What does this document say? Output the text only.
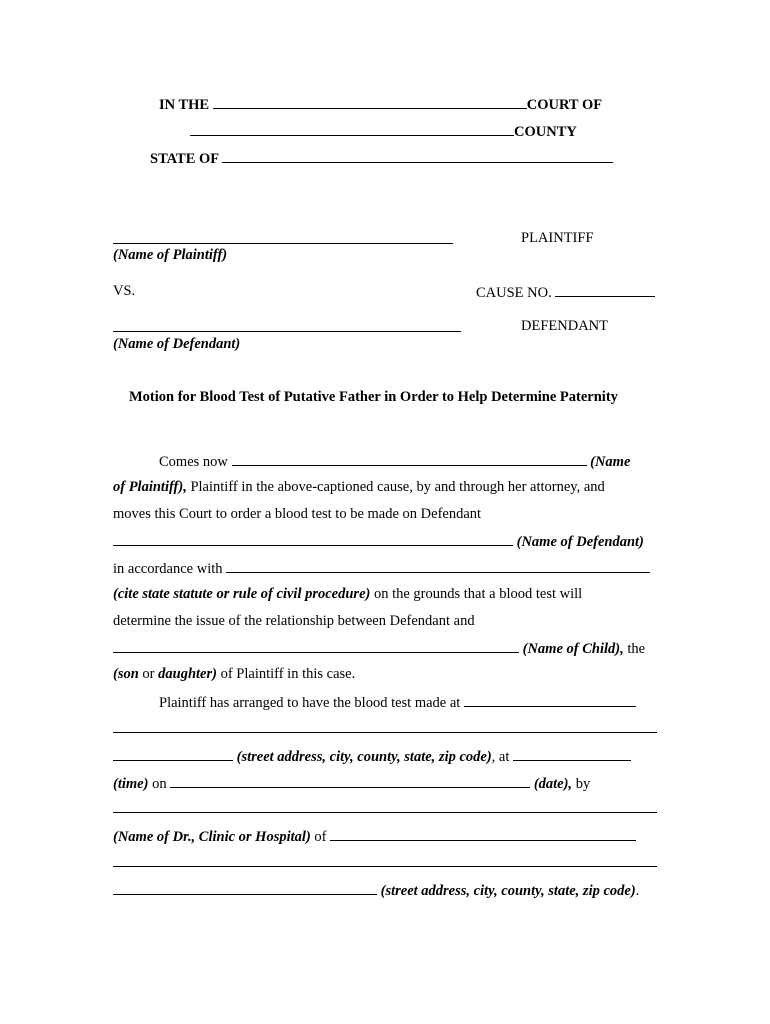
IN THE	COURT OF
COUNTY
STATE OF
PLAINTIFF
(Name of Plaintiff)
VS.	CAUSE NO.
DEFENDANT
(Name of Defendant)
Motion for Blood Test of Putative Father in Order to Help Determine Paternity
Comes now	(Name
of Plaintiff), Plaintiff in the above-captioned cause, by and through her attorney, and
moves this Court to order a blood test to be made on Defendant
(Name of Defendant)
in accordance with
(cite state statute or rule of civil procedure) on the grounds that a blood test will
determine the issue of the relationship between Defendant and
(Name of Child), the
(son or daughter) of Plaintiff in this case.
Plaintiff has arranged to have the blood test made at
(street address, city, county, state, zip code), at
(time) on	(date), by
(Name of Dr., Clinic or Hospital) of
(street address, city, county, state, zip code).
